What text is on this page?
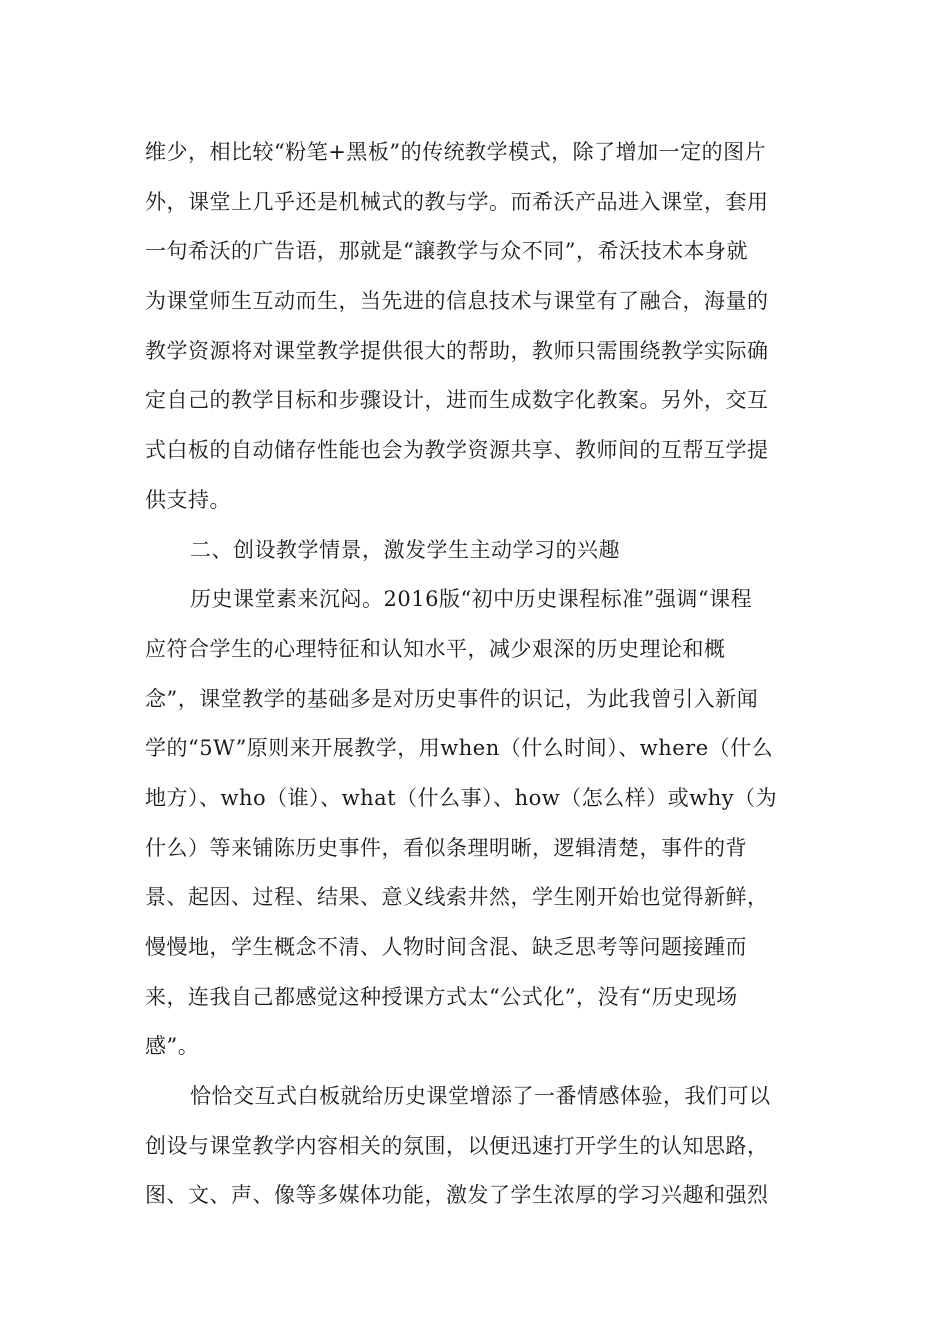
维少，相比较“粉笔+黑板”的传统教学模式，除了增加一定的图片
外，课堂上几乎还是机械式的教与学。而希沃产品进入课堂，套用
一句希沃的广告语，那就是“譲教学与众不同”，希沃技术本身就
为课堂师生互动而生，当先进的信息技术与课堂有了融合，海量的
教学资源将对课堂教学提供很大的帮助，教师只需围绕教学实际确
定自己的教学目标和步骤设计，进而生成数字化教案。另外，交互
式白板的自动储存性能也会为教学资源共享、教师间的互帮互学提
供支持。
二、创设教学情景，激发学生主动学习的兴趣
历史课堂素来沉闷。2016版“初中历史课程标准”强调“课程
应符合学生的心理特征和认知水平，减少艰深的历史理论和概
念”，课堂教学的基础多是对历史事件的识记，为此我曾引入新闻
学的“5W”原则来开展教学，用when（什么时间）、where（什么
地方）、who（谁）、what（什么事）、how（怎么样）或why（为
什么）等来铺陈历史事件，看似条理明晰，逻辑清楚，事件的背
景、起因、过程、结果、意义线索井然，学生刚开始也觉得新鲜，
慢慢地，学生概念不清、人物时间含混、缺乏思考等问题接踵而
来，连我自己都感觉这种授课方式太“公式化”，没有“历史现场
感”。
恰恰交互式白板就给历史课堂增添了一番情感体验，我们可以
创设与课堂教学内容相关的氛围，以便迅速打开学生的认知思路，
图、文、声、像等多媒体功能，激发了学生浓厚的学习兴趣和强烈
